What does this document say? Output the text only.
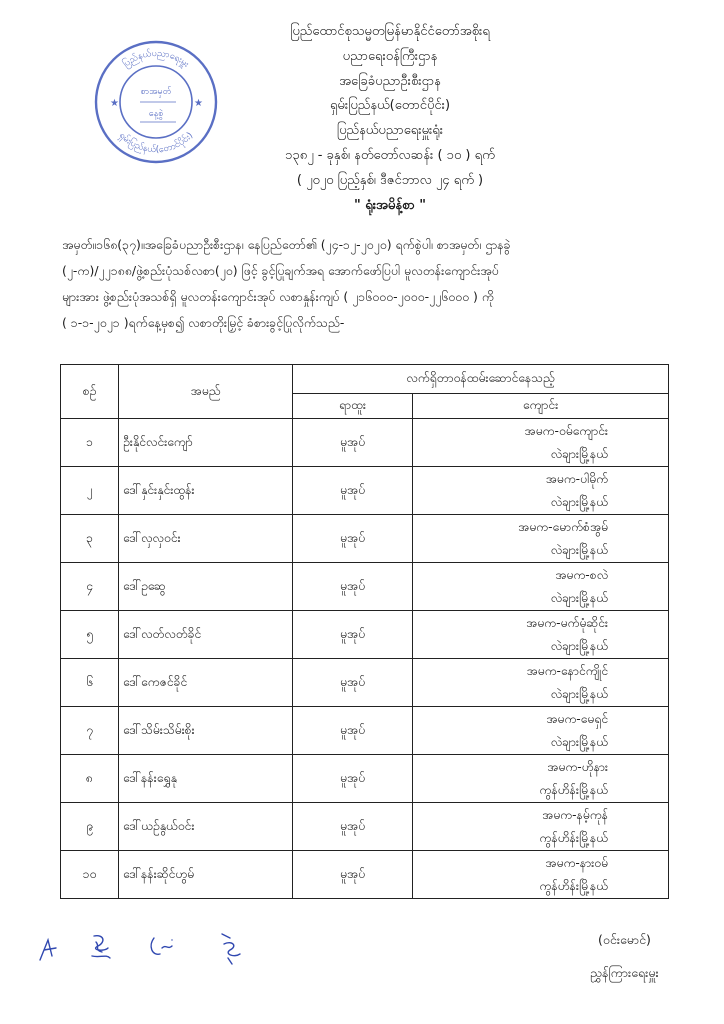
ပြည်နယ်ပညာရေးမှူး
ရှမ်းပြည်နယ်(တောင်ပိုင်း)
★	★
စာအမှတ်
နေ့စွဲ
ပြည်ထောင်စုသမ္မတမြန်မာနိုင်ငံတော်အစိုးရ
ပညာရေးဝန်ကြီးဌာန
အခြေခံပညာဦးစီးဌာန
ရှမ်းပြည်နယ်(တောင်ပိုင်း)
ပြည်နယ်ပညာရေးမှူးရုံး
၁၃၈၂ - ခုနှစ်၊ နတ်တော်လဆန်း ( ၁၀ ) ရက်
( ၂၀၂၀ ပြည့်နှစ်၊ ဒီဇင်ဘာလ ၂၄ ရက် )
" ရုံးအမိန့်စာ "
အမှတ်။၁၆၈(၃၇)။အခြေခံပညာဦးစီးဌာန၊ နေပြည်တော်၏ (၂၄-၁၂-၂၀၂၀) ရက်စွဲပါ၊ စာအမှတ်၊ ဌာနခွဲ
(၂-က)/၂၂၁၈၈/ဖွဲ့စည်းပုံသစ်လစာ(၂၀) ဖြင့် ခွင့်ပြုချက်အရ အောက်ဖော်ပြပါ မူလတန်းကျောင်းအုပ်
များအား ဖွဲ့စည်းပုံအသစ်ရှိ မူလတန်းကျောင်းအုပ် လစာနှုန်းကျပ် ( ၂၁၆၀၀၀-၂၀၀၀-၂၂၆၀၀၀ ) ကို
( ၁-၁-၂၀၂၁ )ရက်နေ့မှစ၍ လစာတိုးမြှင့် ခံစားခွင့်ပြုလိုက်သည်-
စဉ်	အမည်	လက်ရှိတာဝန်ထမ်းဆောင်နေသည့်	
		ရာထူး	ကျောင်း
၁	ဦးနိုင်လင်းကျော်	မူအုပ်	အမက-ဝမ်ကျောင်း
လဲချားမြို့နယ်

၂	ဒေါ်နှင်းနှင်းထွန်း	မူအုပ်	အမက-ပါမိုက်
လဲချားမြို့နယ်

၃	ဒေါ်လှလှဝင်း	မူအုပ်	အမက-မောက်စံအွမ်
လဲချားမြို့နယ်

၄	ဒေါ်ဥဆွေ	မူအုပ်	အမက-စလဲ
လဲချားမြို့နယ်

၅	ဒေါ်လတ်လတ်ခိုင်	မူအုပ်	အမက-မက်မုံဆိုင်း
လဲချားမြို့နယ်

၆	ဒေါ်ကေဇင်ခိုင်	မူအုပ်	အမက-နောင်ကျိုင်
လဲချားမြို့နယ်

၇	ဒေါ်သိမ်းသိမ်းစိုး	မူအုပ်	အမက-မေရှင်
လဲချားမြို့နယ်

၈	ဒေါ်နန်းရွှေနု	မူအုပ်	အမက-ဟိုနား
ကွန်ဟိန်းမြို့နယ်

၉	ဒေါ်ယဉ်နွယ်ဝင်း	မူအုပ်	အမက-နမ့်ကုန်
ကွန်ဟိန်းမြို့နယ်

၁၀	ဒေါ်နန်းဆိုင်ဟွမ်	မူအုပ်	အမက-နားဝမ်
ကွန်ဟိန်းမြို့နယ်
(ဝင်းမောင်)
ညွှန်ကြားရေးမှူး
